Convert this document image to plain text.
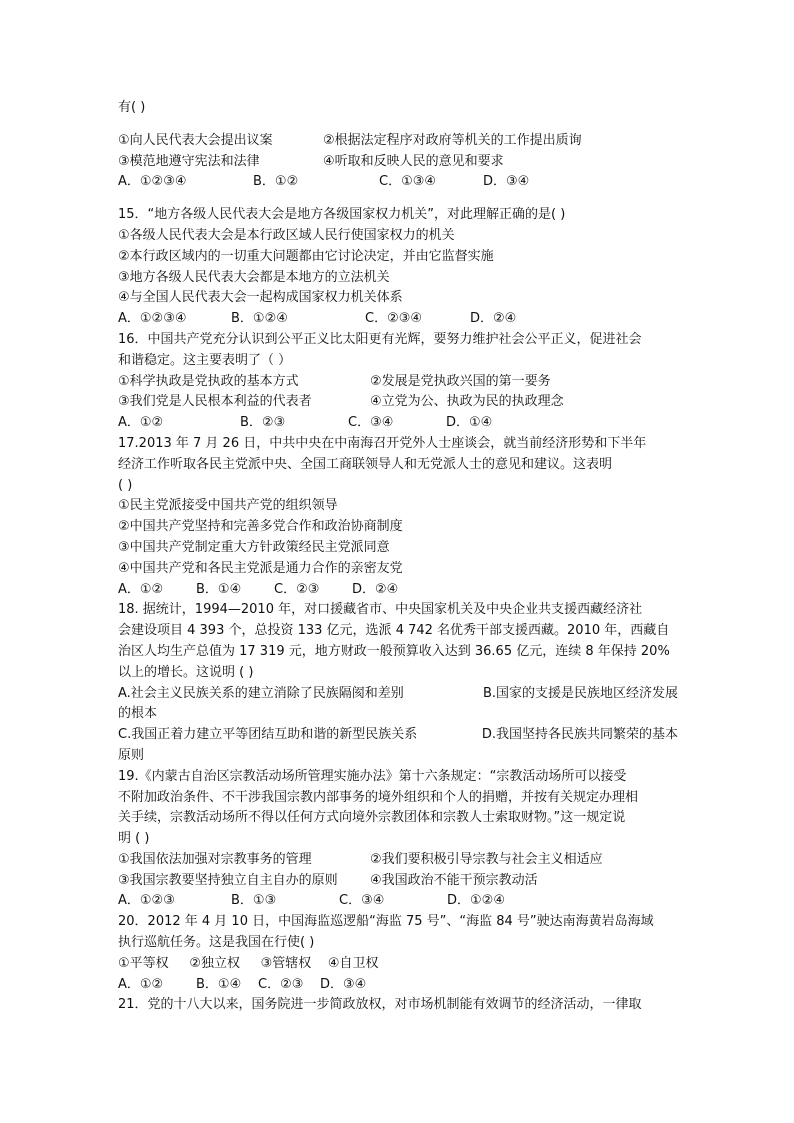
有( )
①向人民代表大会提出议案	②根据法定程序对政府等机关的工作提出质询
③模范地遵守宪法和法律	④听取和反映人民的意见和要求
A．①②③④	B．①②	C．①③④	D．③④
15．“地方各级人民代表大会是地方各级国家权力机关”，对此理解正确的是( )
①各级人民代表大会是本行政区域人民行使国家权力的机关
②本行政区域内的一切重大问题都由它讨论决定，并由它监督实施
③地方各级人民代表大会都是本地方的立法机关
④与全国人民代表大会一起构成国家权力机关体系
A．①②③④	B．①②④	C．②③④	D．②④
16．中国共产党充分认识到公平正义比太阳更有光辉，要努力维护社会公平正义，促进社会
和谐稳定。这主要表明了（ ）
①科学执政是党执政的基本方式	②发展是党执政兴国的第一要务
③我们党是人民根本利益的代表者	④立党为公、执政为民的执政理念
A．①②	B．②③	C．③④	D．①④
17.2013 年 7 月 26 日，中共中央在中南海召开党外人士座谈会，就当前经济形势和下半年
经济工作听取各民主党派中央、全国工商联领导人和无党派人士的意见和建议。这表明
( )
①民主党派接受中国共产党的组织领导
②中国共产党坚持和完善多党合作和政治协商制度
③中国共产党制定重大方针政策经民主党派同意
④中国共产党和各民主党派是通力合作的亲密友党
A．①②	B．①④	C．②③	D．②④
18. 据统计，1994—2010 年，对口援藏省市、中央国家机关及中央企业共支援西藏经济社
会建设项目 4 393 个，总投资 133 亿元，选派 4 742 名优秀干部支援西藏。2010 年，西藏自
治区人均生产总值为 17 319 元，地方财政一般预算收入达到 36.65 亿元，连续 8 年保持 20%
以上的增长。这说明 ( )
A.社会主义民族关系的建立消除了民族隔阂和差别	B.国家的支援是民族地区经济发展
的根本
C.我国正着力建立平等团结互助和谐的新型民族关系	D.我国坚持各民族共同繁荣的基本
原则
19.《内蒙古自治区宗教活动场所管理实施办法》第十六条规定：“宗教活动场所可以接受
不附加政治条件、不干涉我国宗教内部事务的境外组织和个人的捐赠，并按有关规定办理相
关手续，宗教活动场所不得以任何方式向境外宗教团体和宗教人士索取财物。”这一规定说
明 ( )
①我国依法加强对宗教事务的管理	②我们要积极引导宗教与社会主义相适应
③我国宗教要坚持独立自主自办的原则	④我国政治不能干预宗教动活
A．①②③	B．①③	C．③④	D．①②④
20．2012 年 4 月 10 日，中国海监巡逻船“海监 75 号”、“海监 84 号”驶达南海黄岩岛海域
执行巡航任务。这是我国在行使( )
①平等权     ②独立权     ③管辖权    ④自卫权
A．①②	B．①④ C．②③ D．③④
21．党的十八大以来，国务院进一步简政放权，对市场机制能有效调节的经济活动，一律取
